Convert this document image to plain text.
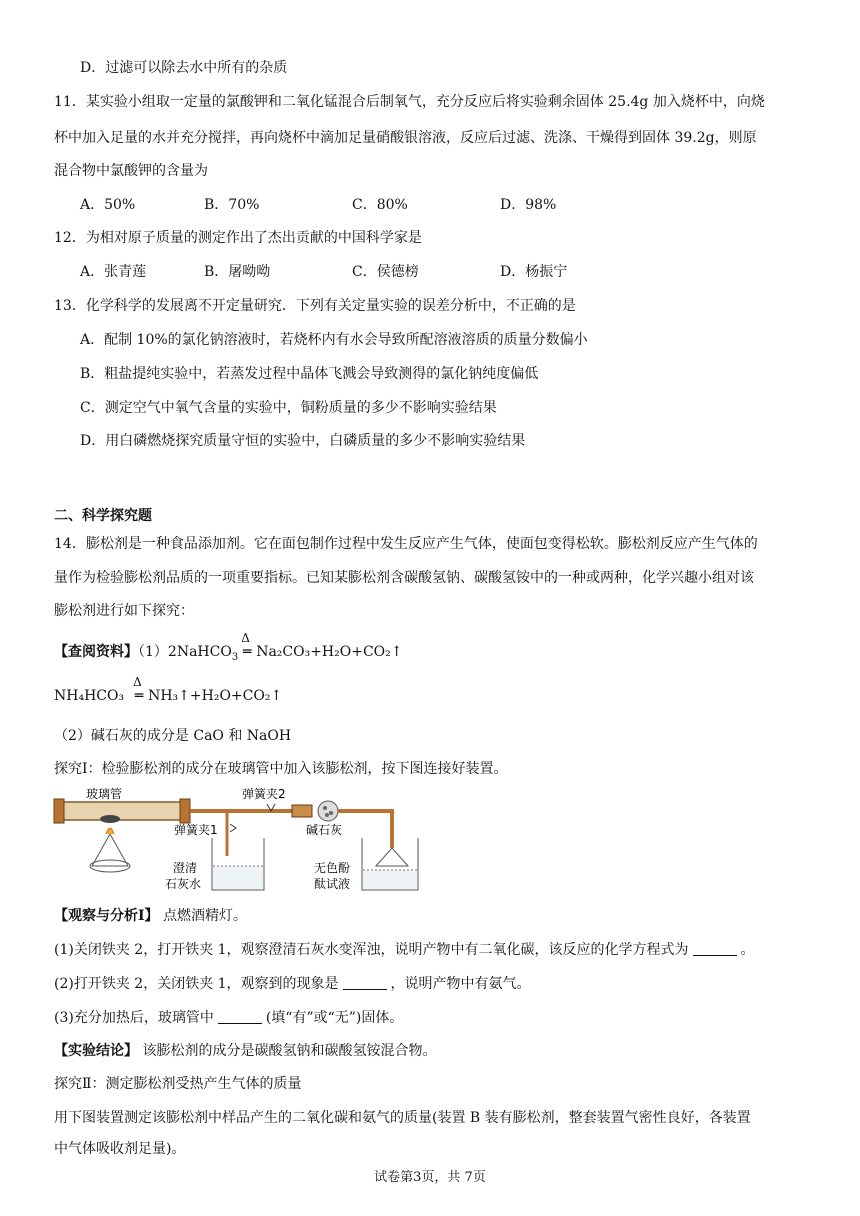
D．过滤可以除去水中所有的杂质
11．某实验小组取一定量的氯酸钾和二氧化锰混合后制氧气，充分反应后将实验剩余固体 25.4g 加入烧杯中，向烧
杯中加入足量的水并充分搅拌，再向烧杯中滴加足量硝酸银溶液，反应后过滤、洗涤、干燥得到固体 39.2g，则原
混合物中氯酸钾的含量为
A．50%	B．70%	C．80%	D．98%
12．为相对原子质量的测定作出了杰出贡献的中国科学家是
A．张青莲	B．屠呦呦	C．侯德榜	D．杨振宁
13．化学科学的发展离不开定量研究．下列有关定量实验的误差分析中，不正确的是
A．配制 10%的氯化钠溶液时，若烧杯内有水会导致所配溶液溶质的质量分数偏小
B．粗盐提纯实验中，若蒸发过程中晶体飞溅会导致测得的氯化钠纯度偏低
C．测定空气中氧气含量的实验中，铜粉质量的多少不影响实验结果
D．用白磷燃烧探究质量守恒的实验中，白磷质量的多少不影响实验结果
二、科学探究题
14．膨松剂是一种食品添加剂。它在面包制作过程中发生反应产生气体，使面包变得松软。膨松剂反应产生气体的
量作为检验膨松剂品质的一项重要指标。已知某膨松剂含碳酸氢钠、碳酸氢铵中的一种或两种，化学兴趣小组对该
膨松剂进行如下探究：
【查阅资料】（1）2NaHCO$_3$
Δ
═ Na₂CO₃+H₂O+CO₂↑
NH₄HCO₃
Δ
═ NH₃↑+H₂O+CO₂↑
（2）碱石灰的成分是 CaO 和 NaOH
探究Ⅰ：检验膨松剂的成分在玻璃管中加入该膨松剂，按下图连接好装置。
玻璃管	弹簧夹2
弹簧夹1
澄清
石灰水
碱石灰
无色酚
酞试液
【观察与分析Ⅰ】 点燃酒精灯。
(1)关闭铁夹 2，打开铁夹 1，观察澄清石灰水变浑浊，说明产物中有二氧化碳，该反应的化学方程式为	。
(2)打开铁夹 2，关闭铁夹 1，观察到的现象是	，说明产物中有氨气。
(3)充分加热后，玻璃管中	(填“有”或“无”)固体。
【实验结论】 该膨松剂的成分是碳酸氢钠和碳酸氢铵混合物。
探究Ⅱ：测定膨松剂受热产生气体的质量
用下图装置测定该膨松剂中样品产生的二氧化碳和氨气的质量(装置 B 装有膨松剂，整套装置气密性良好，各装置
中气体吸收剂足量)。
试卷第3页，共 7页
